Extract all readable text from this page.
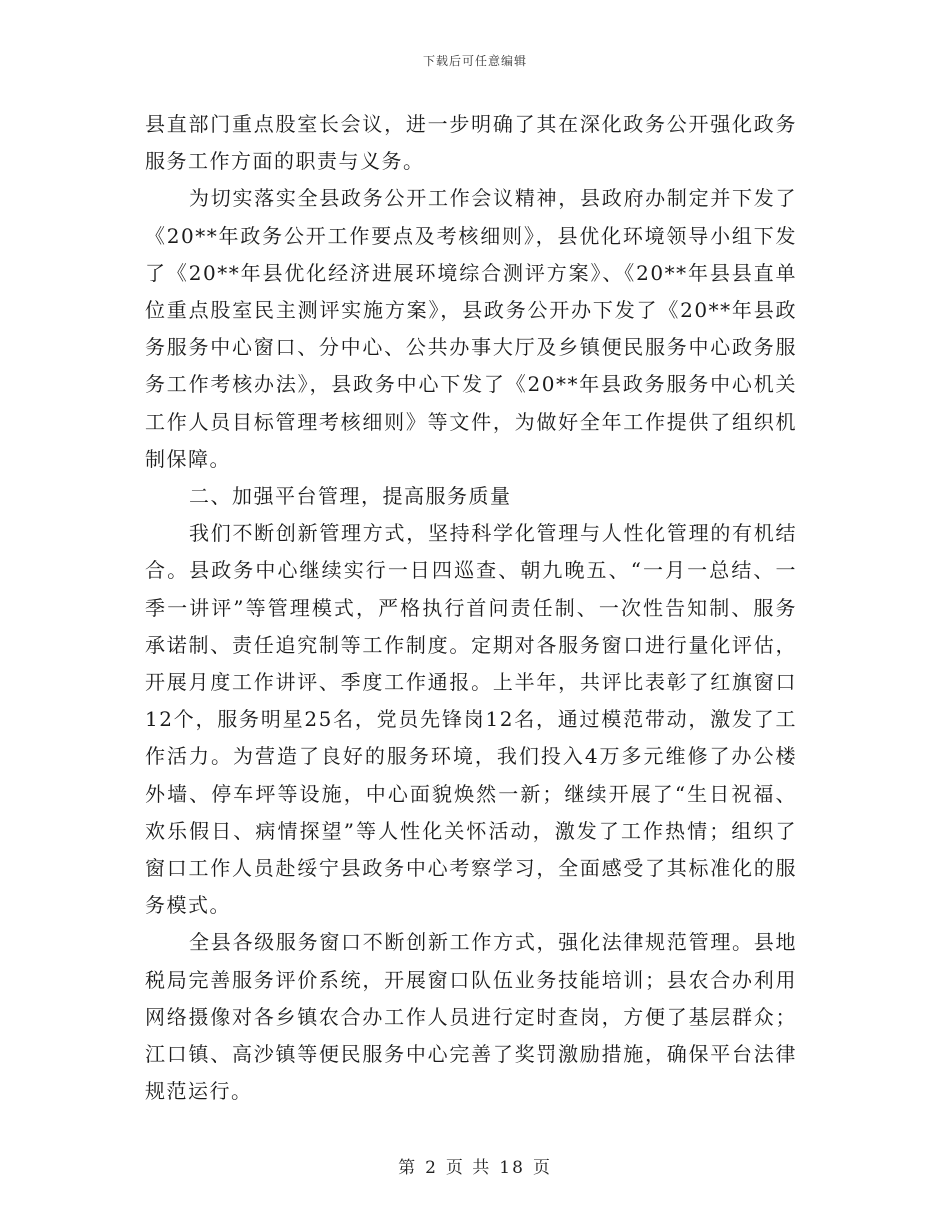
下载后可任意编辑

县直部门重点股室长会议，进一步明确了其在深化政务公开强化政务服务工作方面的职责与义务。

为切实落实全县政务公开工作会议精神，县政府办制定并下发了《20**年政务公开工作要点及考核细则》，县优化环境领导小组下发了《20**年县优化经济进展环境综合测评方案》、《20**年县县直单位重点股室民主测评实施方案》，县政务公开办下发了《20**年县政务服务中心窗口、分中心、公共办事大厅及乡镇便民服务中心政务服务工作考核办法》，县政务中心下发了《20**年县政务服务中心机关工作人员目标管理考核细则》等文件，为做好全年工作提供了组织机制保障。

二、加强平台管理，提高服务质量

我们不断创新管理方式，坚持科学化管理与人性化管理的有机结合。县政务中心继续实行一日四巡查、朝九晚五、“一月一总结、一季一讲评”等管理模式，严格执行首问责任制、一次性告知制、服务承诺制、责任追究制等工作制度。定期对各服务窗口进行量化评估，开展月度工作讲评、季度工作通报。上半年，共评比表彰了红旗窗口12个，服务明星25名，党员先锋岗12名，通过模范带动，激发了工作活力。为营造了良好的服务环境，我们投入4万多元维修了办公楼外墙、停车坪等设施，中心面貌焕然一新；继续开展了“生日祝福、欢乐假日、病情探望”等人性化关怀活动，激发了工作热情；组织了窗口工作人员赴绥宁县政务中心考察学习，全面感受了其标准化的服务模式。

全县各级服务窗口不断创新工作方式，强化法律规范管理。县地税局完善服务评价系统，开展窗口队伍业务技能培训；县农合办利用网络摄像对各乡镇农合办工作人员进行定时查岗，方便了基层群众；江口镇、高沙镇等便民服务中心完善了奖罚激励措施，确保平台法律规范运行。

第 2 页 共 18 页
